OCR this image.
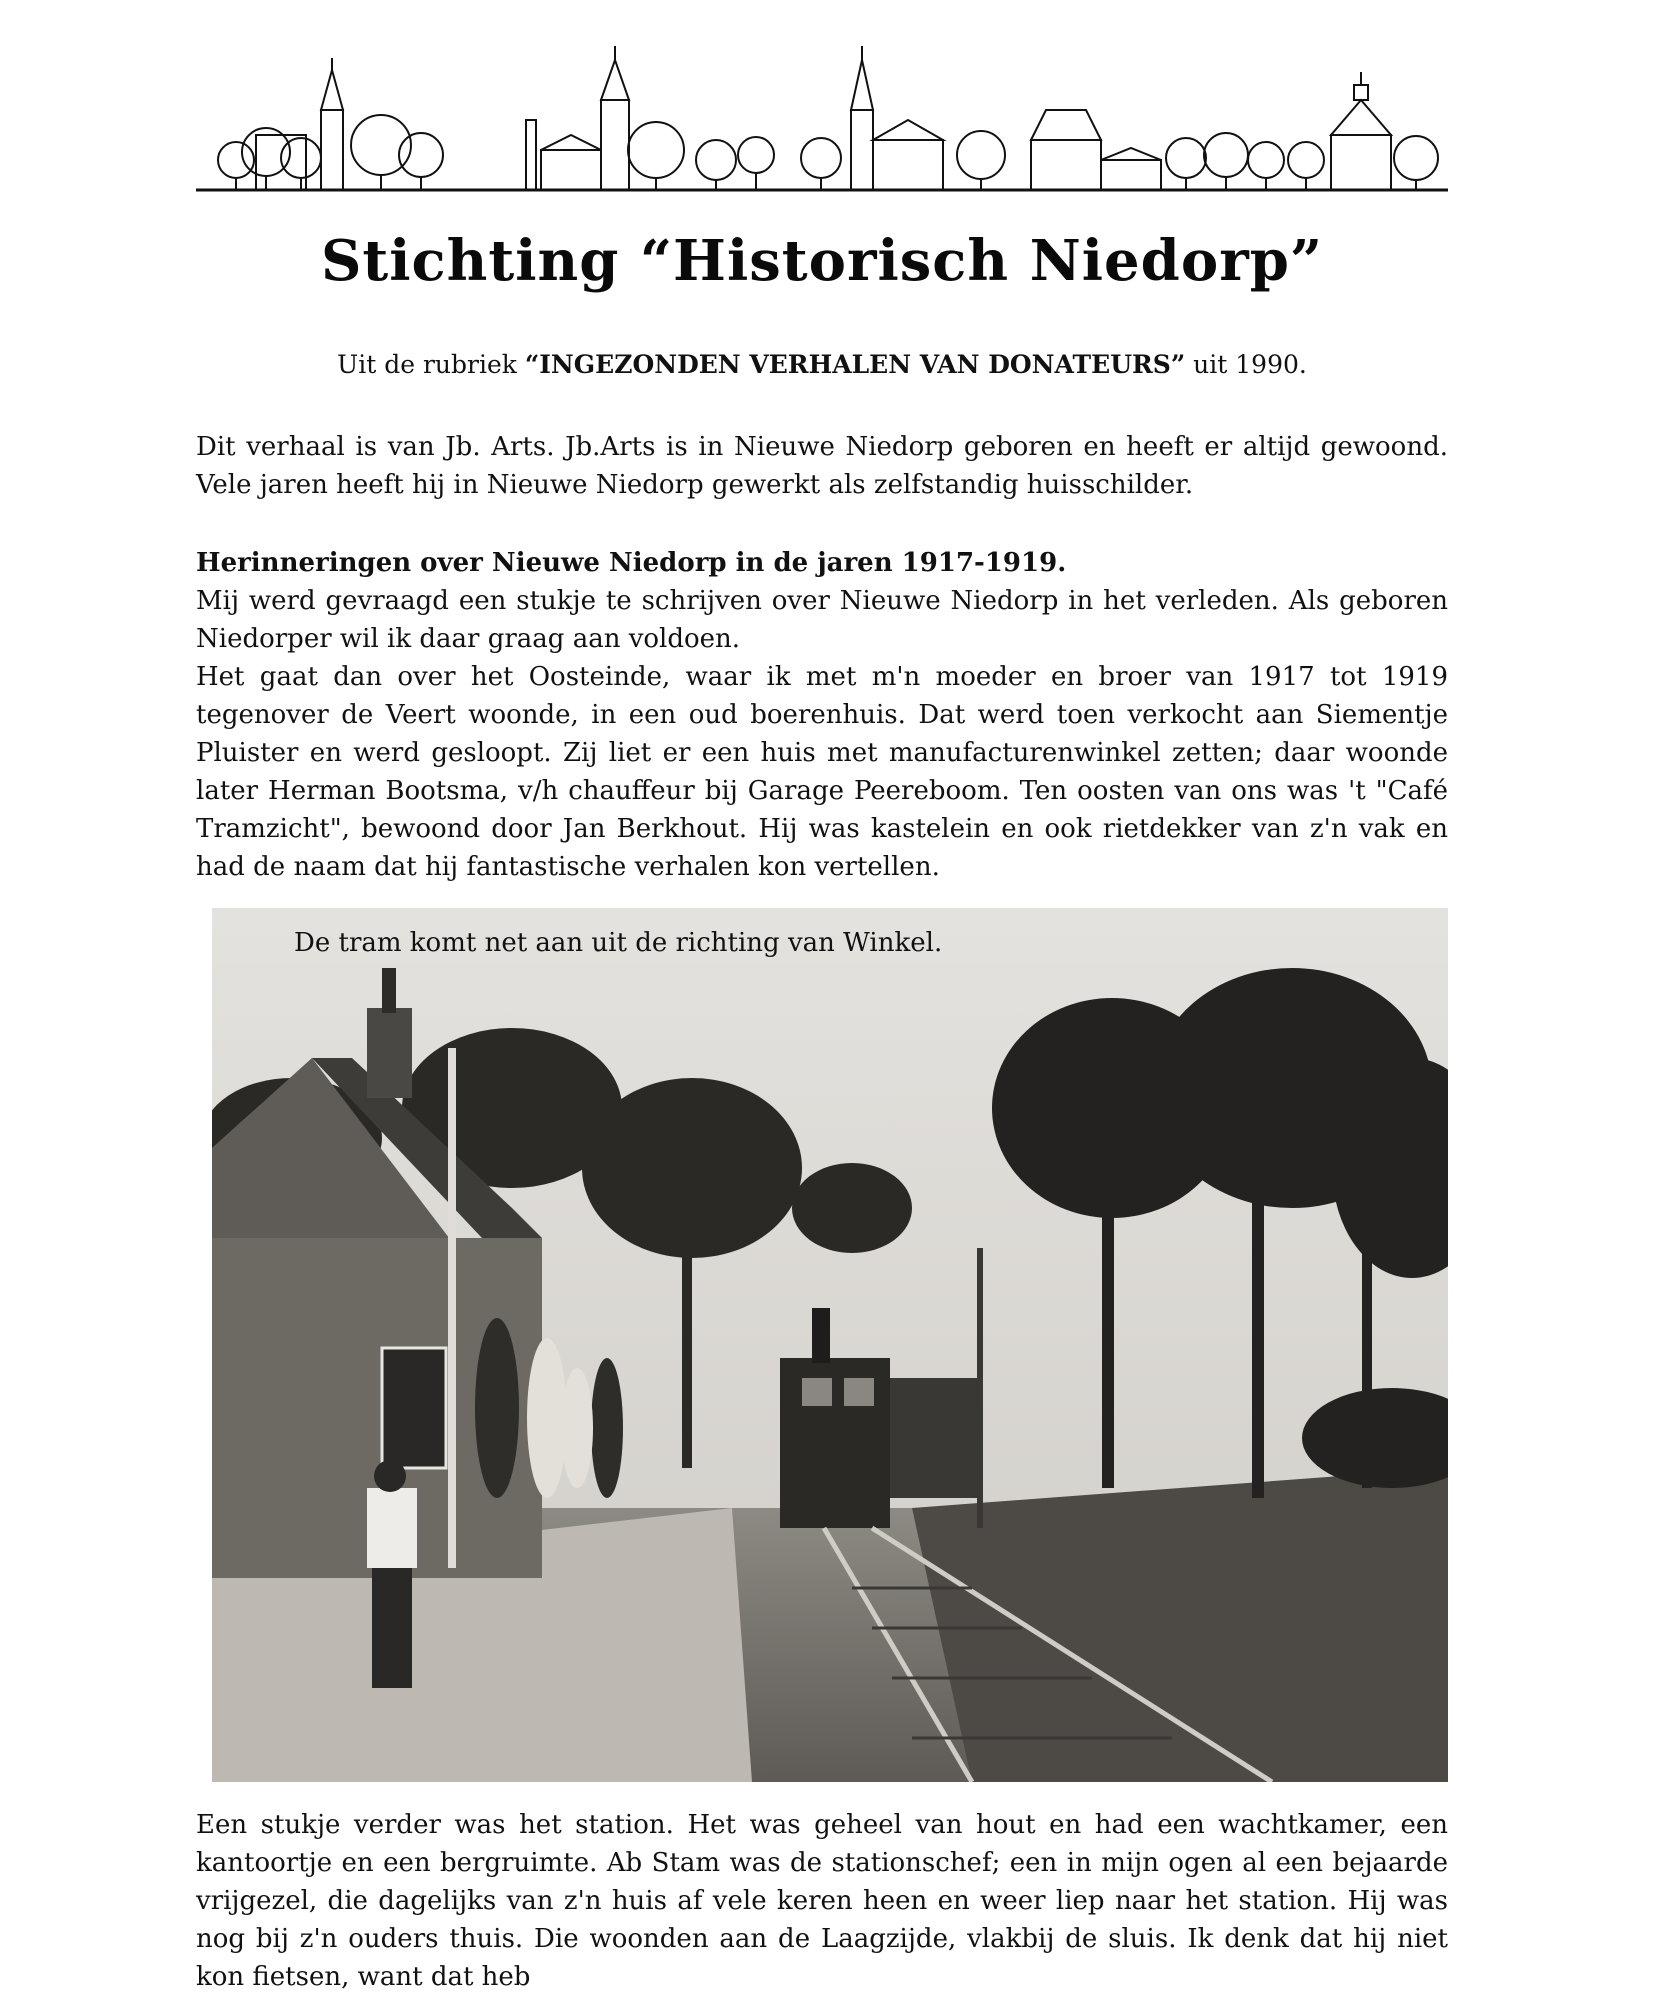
Stichting “Historisch Niedorp”
Uit de rubriek “INGEZONDEN VERHALEN VAN DONATEURS” uit 1990.

Dit verhaal is van Jb. Arts. Jb.Arts is in Nieuwe Niedorp geboren en heeft er altijd gewoond. Vele jaren heeft hij in Nieuwe Niedorp gewerkt als zelfstandig huisschilder.

Herinneringen over Nieuwe Niedorp in de jaren 1917-1919.

Mij werd gevraagd een stukje te schrijven over Nieuwe Niedorp in het verleden. Als geboren Niedorper wil ik daar graag aan voldoen.

Het gaat dan over het Oosteinde, waar ik met m'n moeder en broer van 1917 tot 1919 tegenover de Veert woonde, in een oud boerenhuis. Dat werd toen verkocht aan Siementje Pluister en werd gesloopt. Zij liet er een huis met manufacturenwinkel zetten; daar woonde later Herman Bootsma, v/h chauffeur bij Garage Peereboom. Ten oosten van ons was 't "Café Tramzicht", bewoond door Jan Berkhout. Hij was kastelein en ook rietdekker van z'n vak en had de naam dat hij fantastische verhalen kon vertellen.

De tram komt net aan uit de richting van Winkel.

Een stukje verder was het station. Het was geheel van hout en had een wachtkamer, een kantoortje en een bergruimte. Ab Stam was de stationschef; een in mijn ogen al een bejaarde vrijgezel, die dagelijks van z'n huis af vele keren heen en weer liep naar het station. Hij was nog bij z'n ouders thuis. Die woonden aan de Laagzijde, vlakbij de sluis. Ik denk dat hij niet kon fietsen, want dat heb
